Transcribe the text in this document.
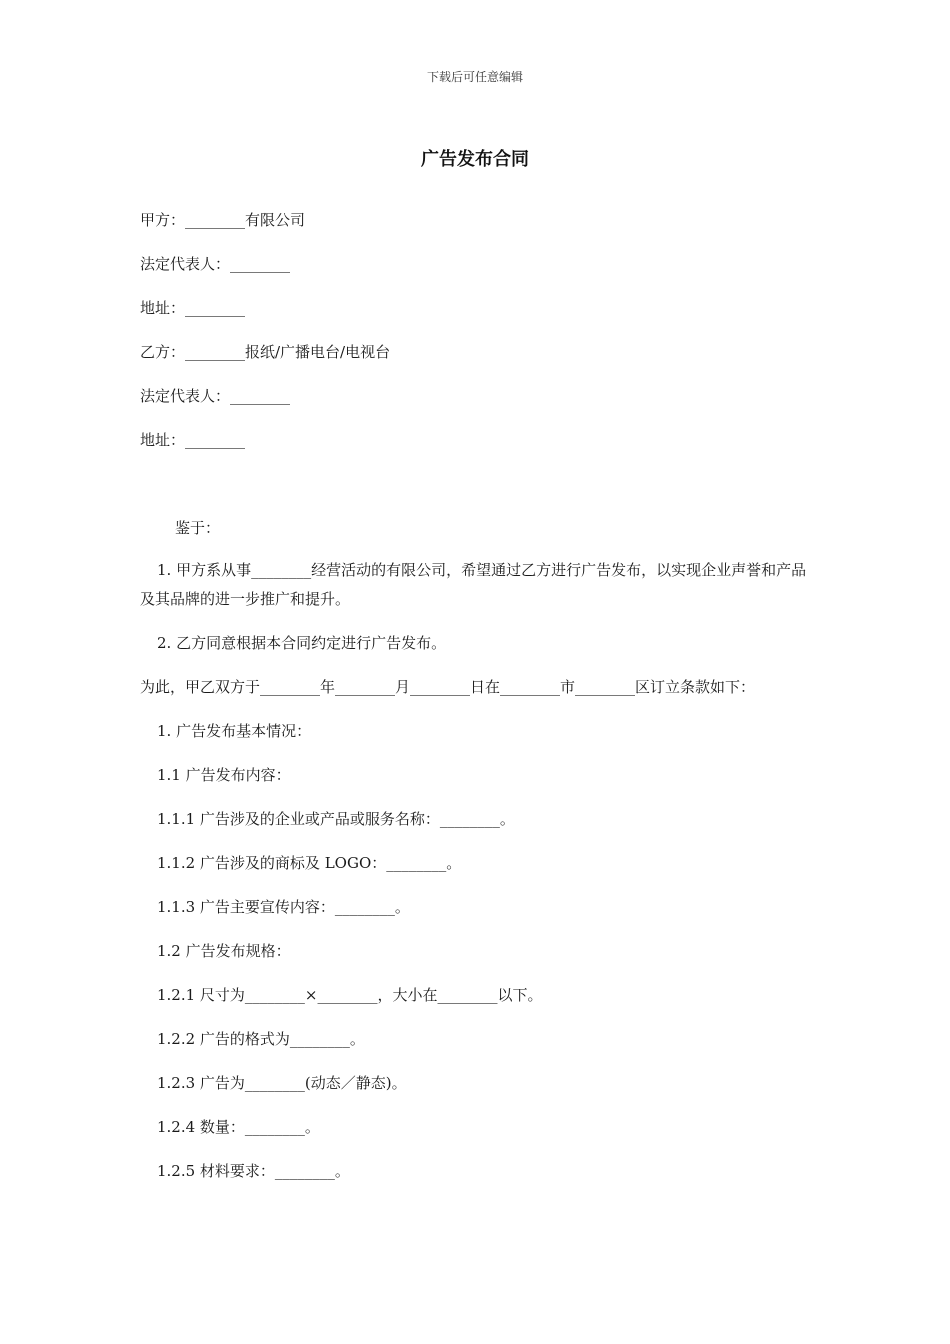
下载后可任意编辑
广告发布合同
甲方：________有限公司
法定代表人：________
地址：________
乙方：________报纸/广播电台/电视台
法定代表人：________
地址：________
鉴于：
1. 甲方系从事________经营活动的有限公司，希望通过乙方进行广告发布，以实现企业声誉和产品及其品牌的进一步推广和提升。
2. 乙方同意根据本合同约定进行广告发布。
为此，甲乙双方于________年________月________日在________市________区订立条款如下：
1. 广告发布基本情况：
1.1 广告发布内容：
1.1.1 广告涉及的企业或产品或服务名称：________。
1.1.2 广告涉及的商标及 LOGO：________。
1.1.3 广告主要宣传内容：________。
1.2 广告发布规格：
1.2.1 尺寸为________×________，大小在________以下。
1.2.2 广告的格式为________。
1.2.3 广告为________(动态／静态)。
1.2.4 数量：________。
1.2.5 材料要求：________。
